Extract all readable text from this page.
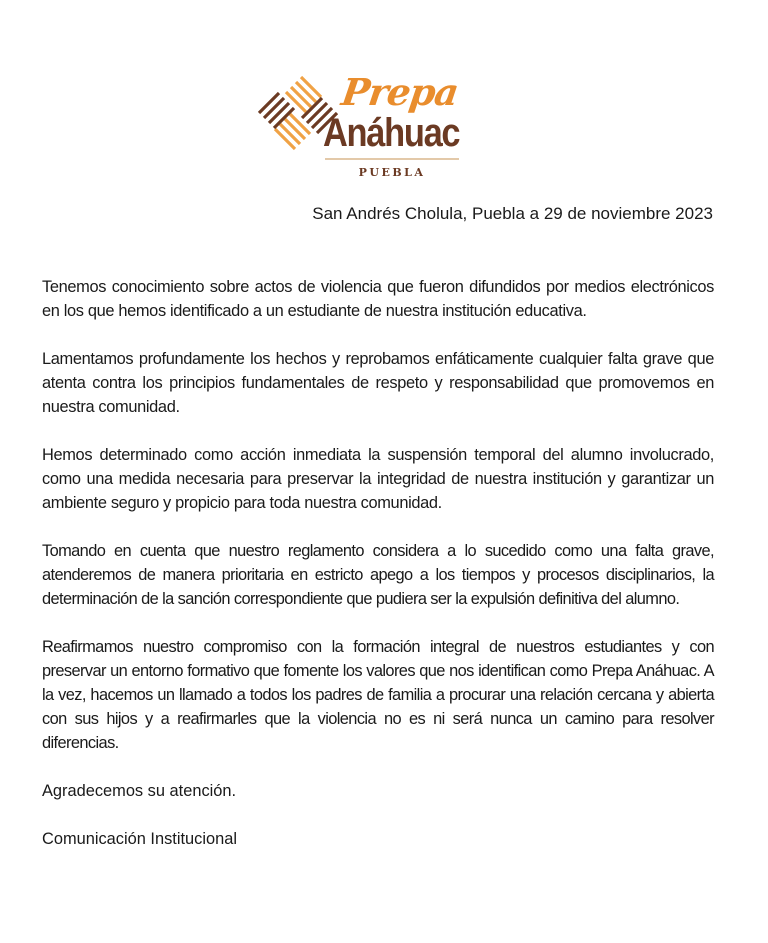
Prepa
Anáhuac
PUEBLA
San Andrés Cholula, Puebla a 29 de noviembre 2023

Tenemos conocimiento sobre actos de violencia que fueron difundidos por medios electrónicos en los que hemos identificado a un estudiante de nuestra institución educativa.

Lamentamos profundamente los hechos y reprobamos enfáticamente cualquier falta grave que atenta contra los principios fundamentales de respeto y responsabilidad que promovemos en nuestra comunidad.

Hemos determinado como acción inmediata la suspensión temporal del alumno involucrado, como una medida necesaria para preservar la integridad de nuestra institución y garantizar un ambiente seguro y propicio para toda nuestra comunidad.

Tomando en cuenta que nuestro reglamento considera a lo sucedido como una falta grave, atenderemos de manera prioritaria en estricto apego a los tiempos y procesos disciplinarios, la determinación de la sanción correspondiente que pudiera ser la expulsión definitiva del alumno.

Reafirmamos nuestro compromiso con la formación integral de nuestros estudiantes y con preservar un entorno formativo que fomente los valores que nos identifican como Prepa Anáhuac. A la vez, hacemos un llamado a todos los padres de familia a procurar una relación cercana y abierta con sus hijos y a reafirmarles que la violencia no es ni será nunca un camino para resolver diferencias.

Agradecemos su atención.

Comunicación Institucional
